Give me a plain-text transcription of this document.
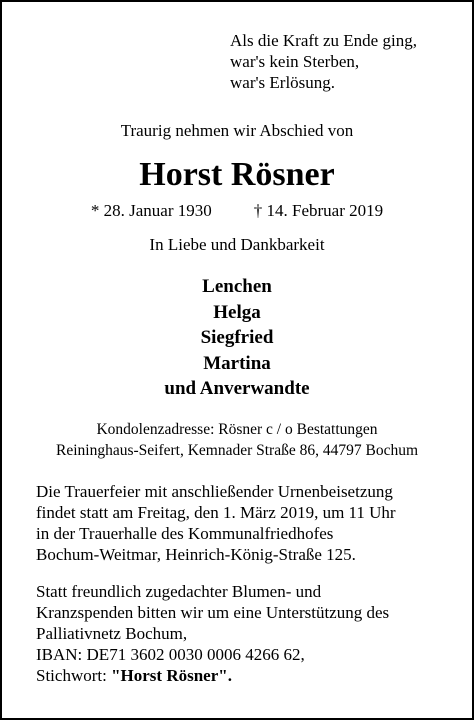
Als die Kraft zu Ende ging,
war's kein Sterben,
war's Erlösung.

Traurig nehmen wir Abschied von

Horst Rösner

* 28. Januar 1930 † 14. Februar 2019

In Liebe und Dankbarkeit

Lenchen
Helga
Siegfried
Martina
und Anverwandte
Kondolenzadresse: Rösner c / o Bestattungen
Reininghaus-Seifert, Kemnader Straße 86, 44797 Bochum
Die Trauerfeier mit anschließender Urnenbeisetzung
findet statt am Freitag, den 1. März 2019, um 11 Uhr
in der Trauerhalle des Kommunalfriedhofes
Bochum-Weitmar, Heinrich-König-Straße 125.
Statt freundlich zugedachter Blumen- und
Kranzspenden bitten wir um eine Unterstützung des
Palliativnetz Bochum,
IBAN: DE71 3602 0030 0006 4266 62,
Stichwort: "Horst Rösner".
